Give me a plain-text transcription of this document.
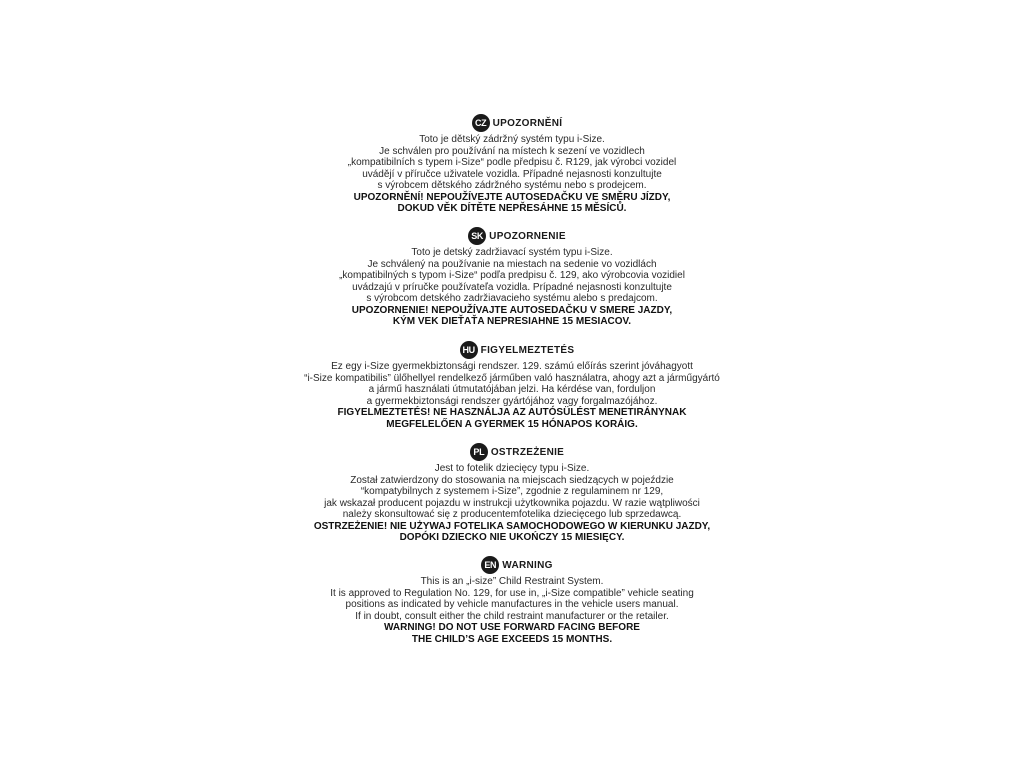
CZ UPOZORNĚNÍ
Toto je dětský zádržný systém typu i-Size.
Je schválen pro používání na místech k sezení ve vozidlech
„kompatibilních s typem i-Size“ podle předpisu č. R129, jak výrobci vozidel
uvádějí v příručce uživatele vozidla. Případné nejasnosti konzultujte
s výrobcem dětského zádržného systému nebo s prodejcem.
UPOZORNĚNÍ! NEPOUŽÍVEJTE AUTOSEDAČKU VE SMĚRU JÍZDY,
DOKUD VĚK DÍTĚTE NEPŘESÁHNE 15 MĚSÍCŮ.
SK UPOZORNENIE
Toto je detský zadržiavací systém typu i-Size.
Je schválený na používanie na miestach na sedenie vo vozidlách
„kompatibilných s typom i-Size“ podľa predpisu č. 129, ako výrobcovia vozidiel
uvádzajú v príručke používateľa vozidla. Prípadné nejasnosti konzultujte
s výrobcom detského zadržiavacieho systému alebo s predajcom.
UPOZORNENIE! NEPOUŽÍVAJTE AUTOSEDAČKU V SMERE JAZDY,
KÝM VEK DIEŤAŤA NEPRESIAHNE 15 MESIACOV.
HU FIGYELMEZTETÉS
Ez egy i-Size gyermekbiztonsági rendszer. 129. számú előírás szerint jóváhagyott
“i-Size kompatibilis” ülőhellyel rendelkező járműben való használatra, ahogy azt a járműgyártó
a jármű használati útmutatójában jelzi. Ha kérdése van, forduljon
a gyermekbiztonsági rendszer gyártójához vagy forgalmazójához.
FIGYELMEZTETÉS! NE HASZNÁLJA AZ AUTÓSÜLÉST MENETIRÁNYNAK
MEGFELELŐEN A GYERMEK 15 HÓNAPOS KORÁIG.
PL OSTRZEŻENIE
Jest to fotelik dziecięcy typu i-Size.
Został zatwierdzony do stosowania na miejscach siedzących w pojeździe
“kompatybilnych z systemem i-Size”, zgodnie z regulaminem nr 129,
jak wskazał producent pojazdu w instrukcji użytkownika pojazdu. W razie wątpliwości
należy skonsultować się z producentemfotelika dziecięcego lub sprzedawcą.
OSTRZEŻENIE! NIE UŻYWAJ FOTELIKA SAMOCHODOWEGO W KIERUNKU JAZDY,
DOPÓKI DZIECKO NIE UKOŃCZY 15 MIESIĘCY.
EN WARNING
This is an „i-size” Child Restraint System.
It is approved to Regulation No. 129, for use in, „i-Size compatible” vehicle seating
positions as indicated by vehicle manufactures in the vehicle users manual.
If in doubt, consult either the child restraint manufacturer or the retailer.
WARNING! DO NOT USE FORWARD FACING BEFORE
THE CHILD’S AGE EXCEEDS 15 MONTHS.
